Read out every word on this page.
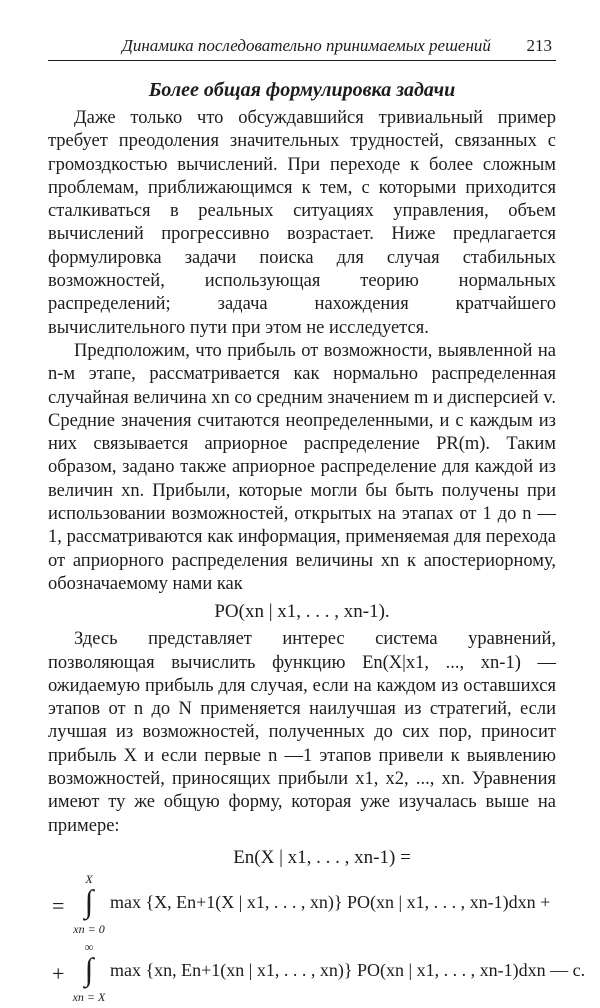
Динамика последовательно принимаемых решений 213
Более общая формулировка задачи

Даже только что обсуждавшийся тривиальный пример требует преодоления значительных трудностей, связанных с громоздкостью вычислений. При переходе к более сложным проблемам, приближающимся к тем, с которыми приходится сталкиваться в реальных ситуациях управления, объем вычислений прогрессивно возрастает. Ниже предлагается формулировка задачи поиска для случая стабильных возможностей, использующая теорию нормальных распределений; задача нахождения кратчайшего вычислительного пути при этом не исследуется.

Предположим, что прибыль от возможности, выявленной на n-м этапе, рассматривается как нормально распределенная случайная величина xn со средним значением m и дисперсией v. Средние значения считаются неопределенными, и с каждым из них связывается априорное распределение PR(m). Таким образом, задано также априорное распределение для каждой из величин xn. Прибыли, которые могли бы быть получены при использовании возможностей, открытых на этапах от 1 до n — 1, рассматриваются как информация, применяемая для перехода от априорного распределения величины xn к апостериорному, обозначаемому нами как

PO(xn | x1, . . . , xn-1).

Здесь представляет интерес система уравнений, позволяющая вычислить функцию En(X|x1, ..., xn-1) — ожидаемую прибыль для случая, если на каждом из оставшихся этапов от n до N применяется наилучшая из стратегий, если лучшая из возможностей, полученных до сих пор, приносит прибыль X и если первые n —1 этапов привели к выявлению возможностей, приносящих прибыли x1, x2, ..., xn. Уравнения имеют ту же общую форму, которая уже изучалась выше на примере:

En(X | x1, . . . , xn-1) =
=
X
∫
xn = 0
max {X, En+1(X | x1, . . . , xn)} PO(xn | x1, . . . , xn-1)dxn +
+
∞
∫
xn = X
max {xn, En+1(xn | x1, . . . , xn)} PO(xn | x1, . . . , xn-1)dxn — c.
